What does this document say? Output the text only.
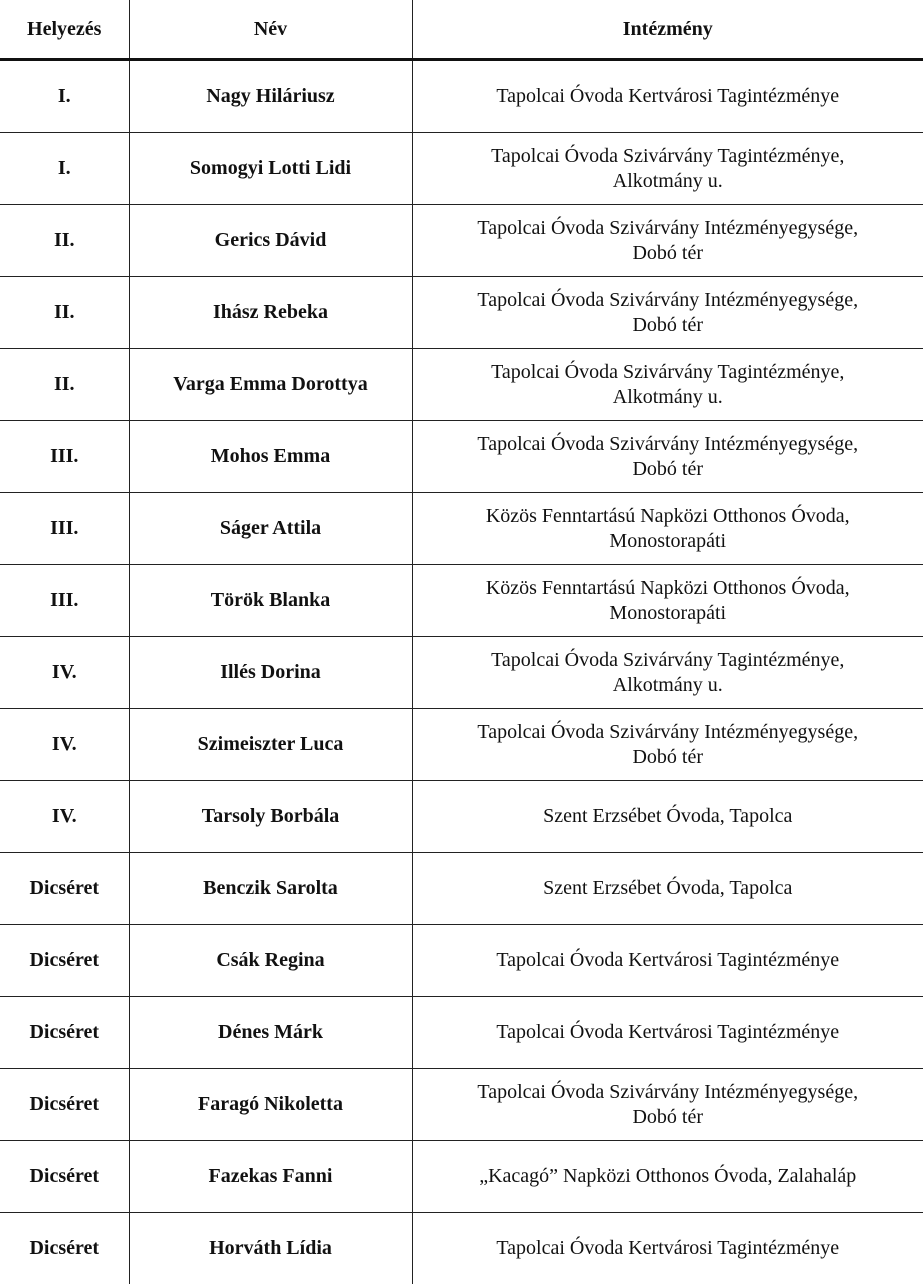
Helyezés	Név	Intézmény
I.	Nagy Hiláriusz	Tapolcai Óvoda Kertvárosi Tagintézménye
I.	Somogyi Lotti Lidi	Tapolcai Óvoda Szivárvány Tagintézménye,
Alkotmány u.
II.	Gerics Dávid	Tapolcai Óvoda Szivárvány Intézményegysége,
Dobó tér
II.	Ihász Rebeka	Tapolcai Óvoda Szivárvány Intézményegysége,
Dobó tér
II.	Varga Emma Dorottya	Tapolcai Óvoda Szivárvány Tagintézménye,
Alkotmány u.
III.	Mohos Emma	Tapolcai Óvoda Szivárvány Intézményegysége,
Dobó tér
III.	Ságer Attila	Közös Fenntartású Napközi Otthonos Óvoda,
Monostorapáti
III.	Török Blanka	Közös Fenntartású Napközi Otthonos Óvoda,
Monostorapáti
IV.	Illés Dorina	Tapolcai Óvoda Szivárvány Tagintézménye,
Alkotmány u.
IV.	Szimeiszter Luca	Tapolcai Óvoda Szivárvány Intézményegysége,
Dobó tér
IV.	Tarsoly Borbála	Szent Erzsébet Óvoda, Tapolca
Dicséret	Benczik Sarolta	Szent Erzsébet Óvoda, Tapolca
Dicséret	Csák Regina	Tapolcai Óvoda Kertvárosi Tagintézménye
Dicséret	Dénes Márk	Tapolcai Óvoda Kertvárosi Tagintézménye
Dicséret	Faragó Nikoletta	Tapolcai Óvoda Szivárvány Intézményegysége,
Dobó tér
Dicséret	Fazekas Fanni	„Kacagó” Napközi Otthonos Óvoda, Zalahaláp
Dicséret	Horváth Lídia	Tapolcai Óvoda Kertvárosi Tagintézménye
